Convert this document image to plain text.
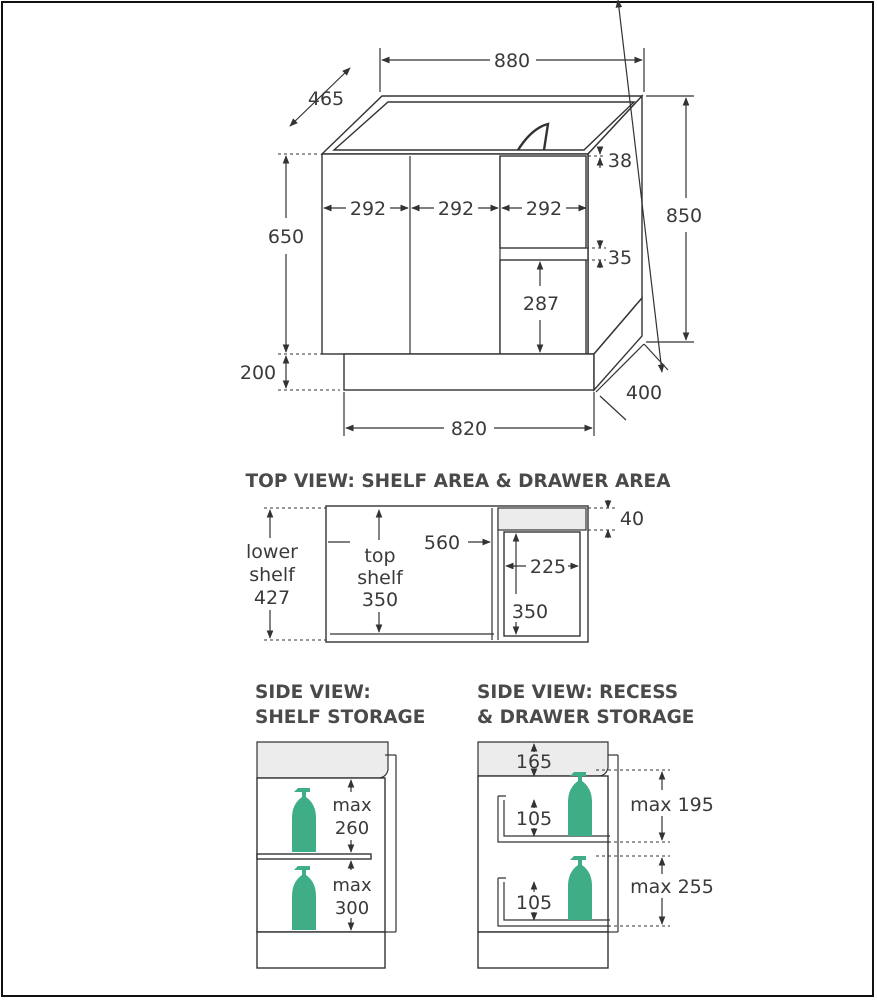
880
465
850
650
200
292	292	292
38
35
287
400
820
TOP VIEW: SHELF AREA & DRAWER AREA
lower
shelf
427
top
shelf
350
560
40
225
350
SIDE VIEW:
SHELF STORAGE
max
260
max
300
SIDE VIEW: RECESS
& DRAWER STORAGE
165
105
105
max 195
max 255
